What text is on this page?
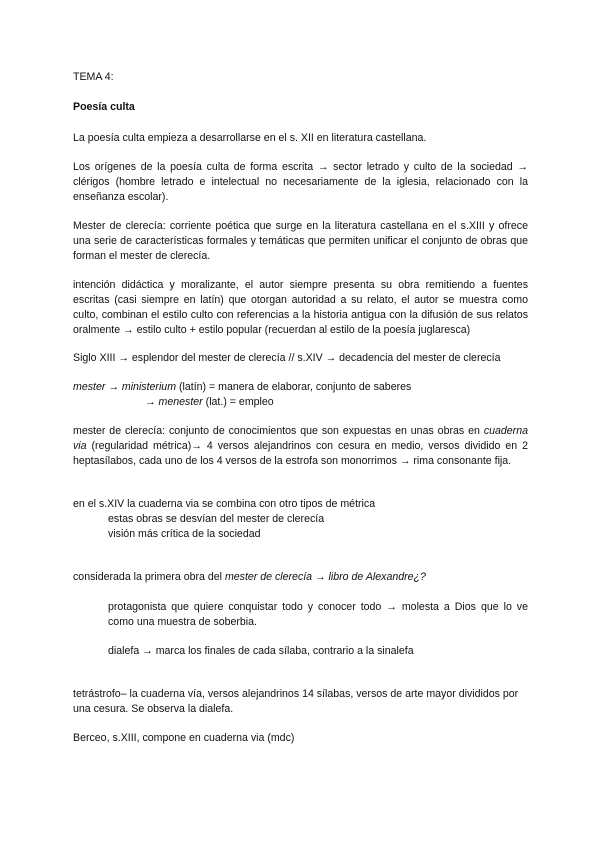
TEMA 4:

Poesía culta

La poesía culta empieza a desarrollarse en el s. XII en literatura castellana.

Los orígenes de la poesía culta de forma escrita → sector letrado y culto de la sociedad → clérigos (hombre letrado e intelectual no necesariamente de la iglesia, relacionado con la enseñanza escolar).

Mester de clerecía: corriente poética que surge en la literatura castellana en el s.XIII y ofrece una serie de características formales y temáticas que permiten unificar el conjunto de obras que forman el mester de clerecía.

intención didáctica y moralizante, el autor siempre presenta su obra remitiendo a fuentes escritas (casi siempre en latín) que otorgan autoridad a su relato, el autor se muestra como culto, combinan el estilo culto con referencias a la historia antigua con la difusión de sus relatos oralmente → estilo culto + estilo popular (recuerdan al estilo de la poesía juglaresca)

Siglo XIII → esplendor del mester de clerecía // s.XIV → decadencia del mester de clerecía

mester → ministerium (latín) = manera de elaborar, conjunto de saberes
→ menester (lat.) = empleo

mester de clerecía: conjunto de conocimientos que son expuestas en unas obras en cuaderna via (regularidad métrica)→ 4 versos alejandrinos con cesura en medio, versos dividido en 2 heptasílabos, cada uno de los 4 versos de la estrofa son monorrimos → rima consonante fija.

en el s.XIV la cuaderna via se combina con otro tipos de métrica

estas obras se desvían del mester de clerecía

visión más crítica de la sociedad

considerada la primera obra del mester de clerecía → libro de Alexandre¿?

protagonista que quiere conquistar todo y conocer todo → molesta a Dios que lo ve como una muestra de soberbia.

dialefa → marca los finales de cada sílaba, contrario a la sinalefa

tetrástrofo– la cuaderna vía, versos alejandrinos 14 sílabas, versos de arte mayor divididos por una cesura. Se observa la dialefa.

Berceo, s.XIII, compone en cuaderna via (mdc)
